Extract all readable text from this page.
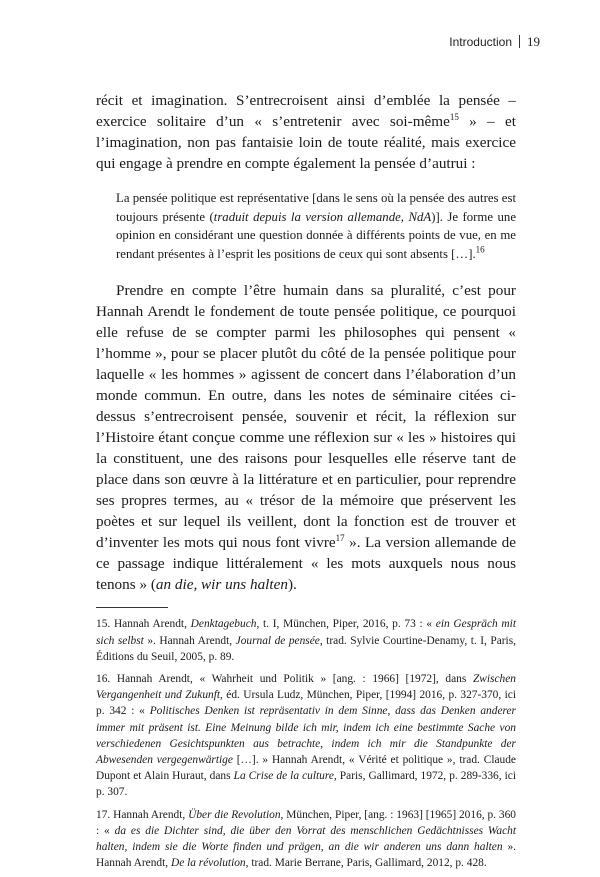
Introduction 19

récit et imagination. S’entrecroisent ainsi d’emblée la pensée – exercice solitaire d’un « s’entretenir avec soi-même$^{15}$ » – et l’imagination, non pas fantaisie loin de toute réalité, mais exercice qui engage à prendre en compte également la pensée d’autrui :

La pensée politique est représentative [dans le sens où la pensée des autres est toujours présente (traduit depuis la version allemande, NdA)]. Je forme une opinion en considérant une question donnée à différents points de vue, en me rendant présentes à l’esprit les positions de ceux qui sont absents […].$^{16}$

Prendre en compte l’être humain dans sa pluralité, c’est pour Hannah Arendt le fondement de toute pensée politique, ce pourquoi elle refuse de se compter parmi les philosophes qui pensent « l’homme », pour se placer plutôt du côté de la pensée politique pour laquelle « les hommes » agissent de concert dans l’élaboration d’un monde commun. En outre, dans les notes de séminaire citées ci-dessus s’entrecroisent pensée, souvenir et récit, la réflexion sur l’Histoire étant conçue comme une réflexion sur « les » histoires qui la constituent, une des raisons pour lesquelles elle réserve tant de place dans son œuvre à la littérature et en particulier, pour reprendre ses propres termes, au « trésor de la mémoire que préservent les poètes et sur lequel ils veillent, dont la fonction est de trouver et d’inventer les mots qui nous font vivre$^{17}$ ». La version allemande de ce passage indique littéralement « les mots auxquels nous nous tenons » (an die, wir uns halten).

15. Hannah Arendt, Denktagebuch, t. I, München, Piper, 2016, p. 73 : « ein Gespräch mit sich selbst ». Hannah Arendt, Journal de pensée, trad. Sylvie Courtine-Denamy, t. I, Paris, Éditions du Seuil, 2005, p. 89.

16. Hannah Arendt, « Wahrheit und Politik » [ang. : 1966] [1972], dans Zwischen Vergangenheit und Zukunft, éd. Ursula Ludz, München, Piper, [1994] 2016, p. 327-370, ici p. 342 : « Politisches Denken ist repräsentativ in dem Sinne, dass das Denken anderer immer mit präsent ist. Eine Meinung bilde ich mir, indem ich eine bestimmte Sache von verschiedenen Gesichtspunkten aus betrachte, indem ich mir die Standpunkte der Abwesenden vergegenwärtige […]. » Hannah Arendt, « Vérité et politique », trad. Claude Dupont et Alain Huraut, dans La Crise de la culture, Paris, Gallimard, 1972, p. 289-336, ici p. 307.

17. Hannah Arendt, Über die Revolution, München, Piper, [ang. : 1963] [1965] 2016, p. 360 : « da es die Dichter sind, die über den Vorrat des menschlichen Gedächtnisses Wacht halten, indem sie die Worte finden und prägen, an die wir anderen uns dann halten ». Hannah Arendt, De la révolution, trad. Marie Berrane, Paris, Gallimard, 2012, p. 428.
